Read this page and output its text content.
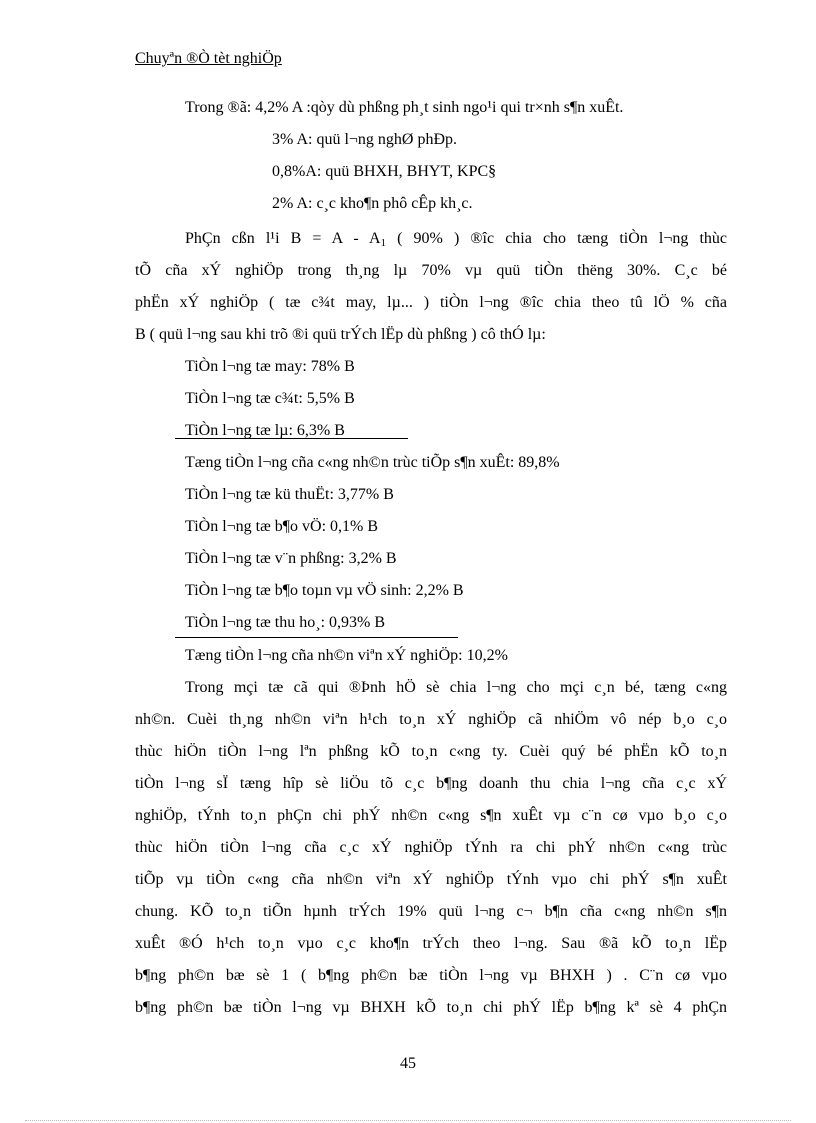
Chuyªn ®Ò tèt nghiÖp
Trong ®ã: 4,2% A :qòy dù phßng ph¸t sinh ngo¹i qui tr×nh s¶n xuÊt.
3% A: quü l¬ng nghØ phÐp.
0,8%A: quü BHXH, BHYT, KPC§
2% A: c¸c kho¶n phô cÊp kh¸c.
PhÇn cßn l¹i $B = A - A_1$ ( 90% ) ®îc chia cho tæng tiÒn l¬ng thùc
tÕ cña xÝ nghiÖp trong th¸ng lµ 70% vµ quü tiÒn thëng 30%. C¸c bé
phËn xÝ nghiÖp ( tæ c¾t may, lµ... ) tiÒn l¬ng ®îc chia theo tû lÖ % cña
B ( quü l¬ng sau khi trõ ®i quü trÝch lËp dù phßng ) cô thÓ lµ:
TiÒn l¬ng tæ may: 78% B
TiÒn l¬ng tæ c¾t: 5,5% B
TiÒn l¬ng tæ lµ: 6,3% B
Tæng tiÒn l¬ng cña c«ng nh©n trùc tiÕp s¶n xuÊt: 89,8%
TiÒn l¬ng tæ kü thuËt: 3,77% B
TiÒn l¬ng tæ b¶o vÖ: 0,1% B
TiÒn l¬ng tæ v¨n phßng: 3,2% B
TiÒn l¬ng tæ b¶o toµn vµ vÖ sinh: 2,2% B
TiÒn l¬ng tæ thu ho¸: 0,93% B
Tæng tiÒn l¬ng cña nh©n viªn xÝ nghiÖp: 10,2%
Trong mçi tæ cã qui ®Þnh hÖ sè chia l¬ng cho mçi c¸n bé, tæng c«ng
nh©n. Cuèi th¸ng nh©n viªn h¹ch to¸n xÝ nghiÖp cã nhiÖm vô nép b¸o c¸o
thùc hiÖn tiÒn l¬ng lªn phßng kÕ to¸n c«ng ty. Cuèi quý bé phËn kÕ to¸n
tiÒn l¬ng sÏ tæng hîp sè liÖu tõ c¸c b¶ng doanh thu chia l¬ng cña c¸c xÝ
nghiÖp, tÝnh to¸n phÇn chi phÝ nh©n c«ng s¶n xuÊt vµ c¨n cø vµo b¸o c¸o
thùc hiÖn tiÒn l¬ng cña c¸c xÝ nghiÖp tÝnh ra chi phÝ nh©n c«ng trùc
tiÕp vµ tiÒn c«ng cña nh©n viªn xÝ nghiÖp tÝnh vµo chi phÝ s¶n xuÊt
chung. KÕ to¸n tiÕn hµnh trÝch 19% quü l¬ng c¬ b¶n cña c«ng nh©n s¶n
xuÊt ®Ó h¹ch to¸n vµo c¸c kho¶n trÝch theo l¬ng. Sau ®ã kÕ to¸n lËp
b¶ng ph©n bæ sè 1 ( b¶ng ph©n bæ tiÒn l¬ng vµ BHXH ) . C¨n cø vµo
b¶ng ph©n bæ tiÒn l¬ng vµ BHXH kÕ to¸n chi phÝ lËp b¶ng kª sè 4 phÇn
45
